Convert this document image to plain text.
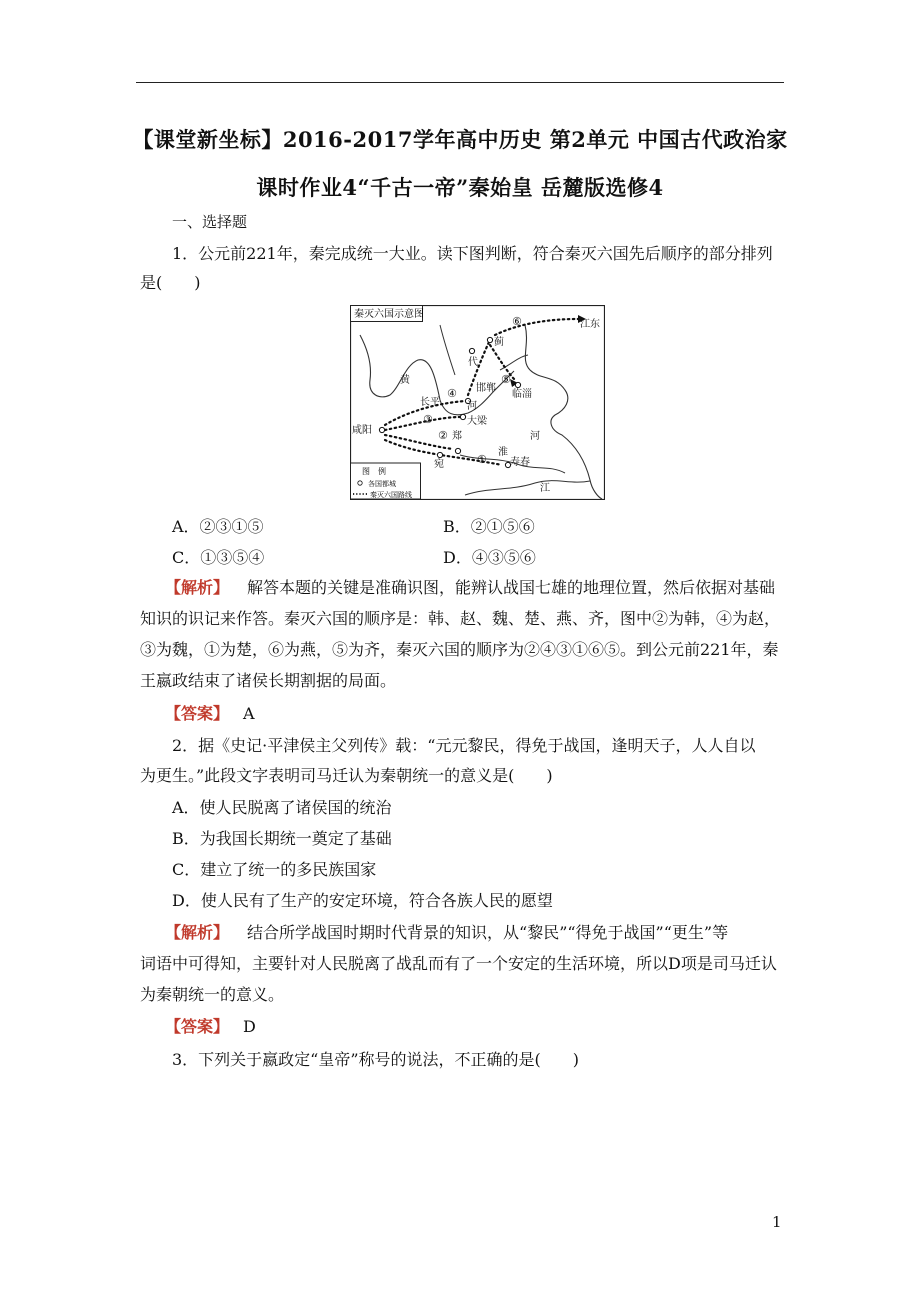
【课堂新坐标】2016-2017学年高中历史 第2单元 中国古代政治家
课时作业4“千古一帝”秦始皇 岳麓版选修4
一、选择题
1．公元前221年，秦完成统一大业。读下图判断，符合秦灭六国先后顺序的部分排列
是(　　)
秦灭六国示意图
江东
蓟
代
邯郸
临淄
长平	河
黄
大梁
咸阳
郑
淮
河
宛	寿春
江
⑥
④
⑤
③
②
①
图　例
各国都城
秦灭六国路线
A．②③①⑤	B．②①⑤⑥
C．①③⑤④	D．④③⑤⑥
【解析】 解答本题的关键是准确识图，能辨认战国七雄的地理位置，然后依据对基础
知识的识记来作答。秦灭六国的顺序是：韩、赵、魏、楚、燕、齐，图中②为韩，④为赵，
③为魏，①为楚，⑥为燕，⑤为齐，秦灭六国的顺序为②④③①⑥⑤。到公元前221年，秦
王嬴政结束了诸侯长期割据的局面。
【答案】 A
2．据《史记·平津侯主父列传》载：“元元黎民，得免于战国，逢明天子，人人自以
为更生。”此段文字表明司马迁认为秦朝统一的意义是(　　)
A．使人民脱离了诸侯国的统治
B．为我国长期统一奠定了基础
C．建立了统一的多民族国家
D．使人民有了生产的安定环境，符合各族人民的愿望
【解析】 结合所学战国时期时代背景的知识，从“黎民”“得免于战国”“更生”等
词语中可得知，主要针对人民脱离了战乱而有了一个安定的生活环境，所以D项是司马迁认
为秦朝统一的意义。
【答案】 D
3．下列关于嬴政定“皇帝”称号的说法，不正确的是(　　)
1
